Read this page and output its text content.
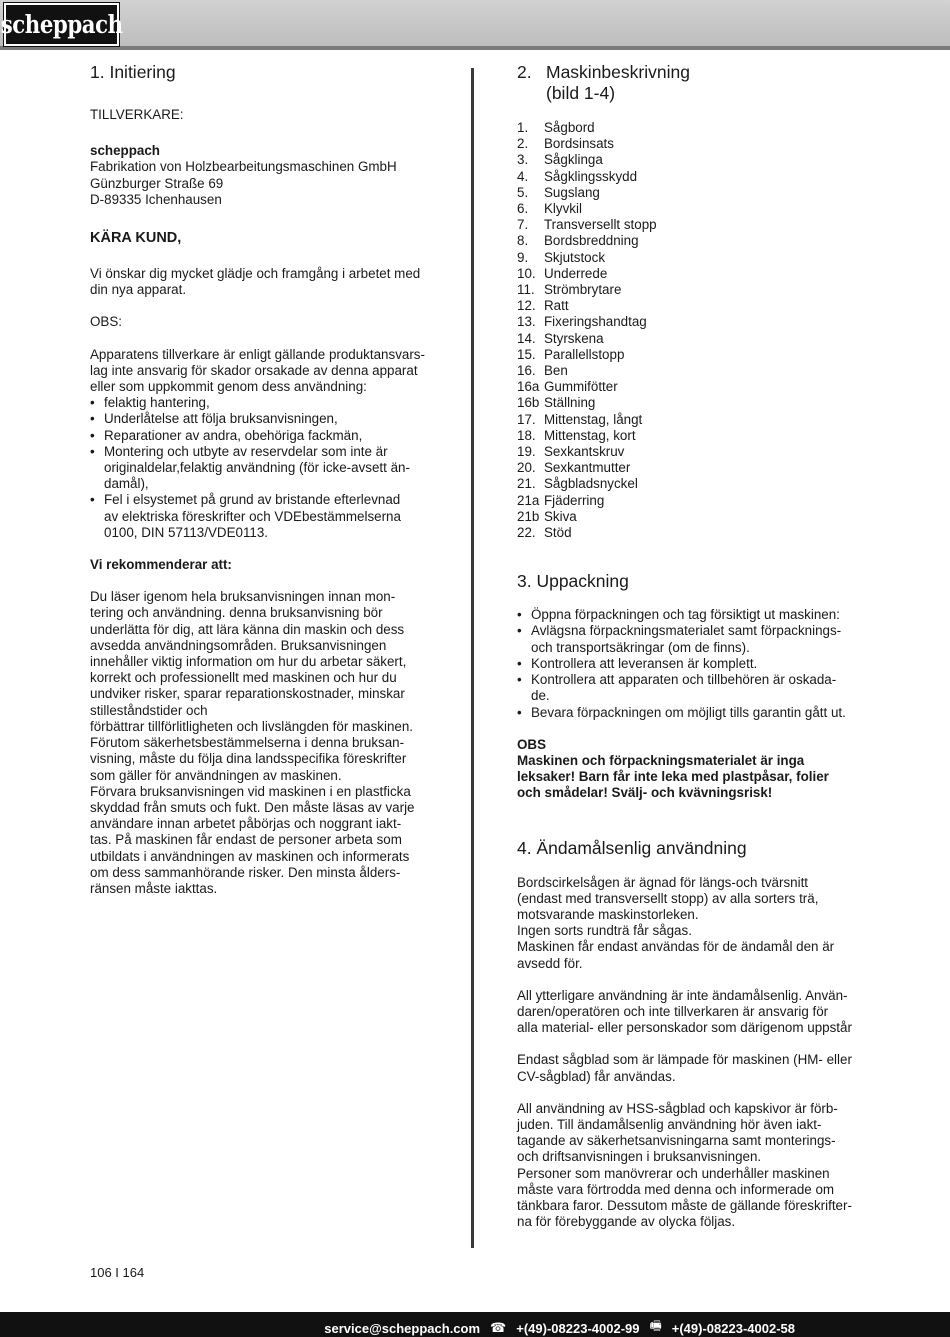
scheppach
1. Initiering
TILLVERKARE:
scheppach
Fabrikation von Holzbearbeitungsmaschinen GmbH
Günzburger Straße 69
D-89335 Ichenhausen
KÄRA KUND,
Vi önskar dig mycket glädje och framgång i arbetet med
din nya apparat.
OBS:
Apparatens tillverkare är enligt gällande produktansvars-
lag inte ansvarig för skador orsakade av denna apparat
eller som uppkommit genom dess användning:
• felaktig hantering,
• Underlåtelse att följa bruksanvisningen,
• Reparationer av andra, obehöriga fackmän,
• Montering och utbyte av reservdelar som inte är
originaldelar,felaktig användning (för icke-avsett än-
damål),
• Fel i elsystemet på grund av bristande efterlevnad
av elektriska föreskrifter och VDEbestämmelserna
0100, DIN 57113/VDE0113.
Vi rekommenderar att:
Du läser igenom hela bruksanvisningen innan mon-
tering och användning. denna bruksanvisning bör
underlätta för dig, att lära känna din maskin och dess
avsedda användningsområden. Bruksanvisningen
innehåller viktig information om hur du arbetar säkert,
korrekt och professionellt med maskinen och hur du
undviker risker, sparar reparationskostnader, minskar
stilleståndstider och
förbättrar tillförlitligheten och livslängden för maskinen.
Förutom säkerhetsbestämmelserna i denna bruksan-
visning, måste du följa dina landsspecifika föreskrifter
som gäller för användningen av maskinen.
Förvara bruksanvisningen vid maskinen i en plastficka
skyddad från smuts och fukt. Den måste läsas av varje
användare innan arbetet påbörjas och noggrant iakt-
tas. På maskinen får endast de personer arbeta som
utbildats i användningen av maskinen och informerats
om dess sammanhörande risker. Den minsta ålders-
ränsen måste iakttas.
2. Maskinbeskrivning
(bild 1-4)
1.	Sågbord
2.	Bordsinsats
3.	Sågklinga
4.	Sågklingsskydd
5.	Sugslang
6.	Klyvkil
7.	Transversellt stopp
8.	Bordsbreddning
9.	Skjutstock
10. Underrede
11. Strömbrytare
12. Ratt
13. Fixeringshandtag
14. Styrskena
15. Parallellstopp
16. Ben
16a Gummifötter
16b Ställning
17. Mittenstag, långt
18. Mittenstag, kort
19. Sexkantskruv
20. Sexkantmutter
21. Sågbladsnyckel
21a Fjäderring
21b Skiva
22. Stöd
3. Uppackning
• Öppna förpackningen och tag försiktigt ut maskinen:
• Avlägsna förpackningsmaterialet samt förpacknings-
och transportsäkringar (om de finns).
• Kontrollera att leveransen är komplett.
• Kontrollera att apparaten och tillbehören är oskada-
de.
• Bevara förpackningen om möjligt tills garantin gått ut.
OBS
Maskinen och förpackningsmaterialet är inga
leksaker! Barn får inte leka med plastpåsar, folier
och smådelar! Svälj- och kvävningsrisk!
4. Ändamålsenlig användning
Bordscirkelsågen är ägnad för längs-och tvärsnitt
(endast med transversellt stopp) av alla sorters trä,
motsvarande maskinstorleken.
Ingen sorts rundträ får sågas.
Maskinen får endast användas för de ändamål den är
avsedd för.
All ytterligare användning är inte ändamålsenlig. Använ-
daren/operatören och inte tillverkaren är ansvarig för
alla material- eller personskador som därigenom uppstår
Endast sågblad som är lämpade för maskinen (HM- eller
CV-sågblad) får användas.
All användning av HSS-sågblad och kapskivor är förb-
juden. Till ändamålsenlig användning hör även iakt-
tagande av säkerhetsanvisningarna samt monterings-
och driftsanvisningen i bruksanvisningen.
Personer som manövrerar och underhåller maskinen
måste vara förtrodda med denna och informerade om
tänkbara faror. Dessutom måste de gällande föreskrifter-
na för förebyggande av olycka följas.
106 I 164
service@scheppach.com ☎ +(49)-08223-4002-99 🖷 +(49)-08223-4002-58
